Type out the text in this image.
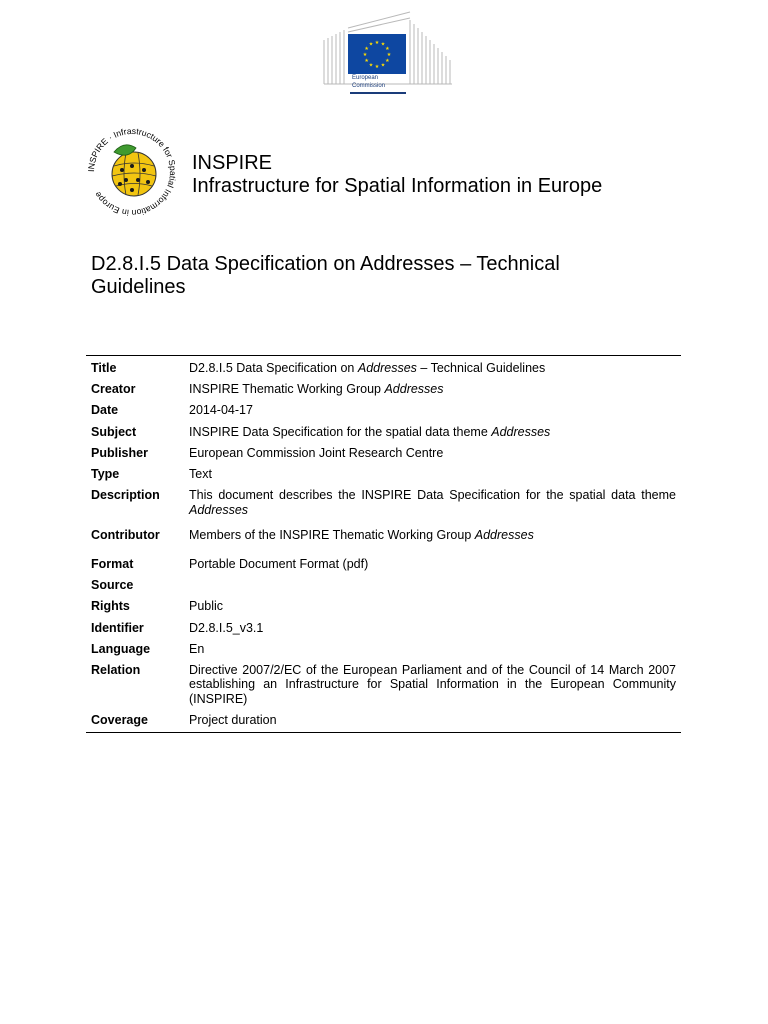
★ ★
★
★
★
★
★
★
★
★
★
★
European
Commission
INSPIRE · Infrastructure for Spatial Information in Europe
INSPIRE
Infrastructure for Spatial Information in Europe
D2.8.I.5 Data Specification on Addresses – Technical
Guidelines
Title	D2.8.I.5 Data Specification on Addresses – Technical Guidelines
Creator	INSPIRE Thematic Working Group Addresses
Date	2014-04-17
Subject	INSPIRE Data Specification for the spatial data theme Addresses
Publisher	European Commission Joint Research Centre
Type	Text
Description	This document describes the INSPIRE Data Specification for the spatial data theme Addresses
Contributor	Members of the INSPIRE Thematic Working Group Addresses
Format	Portable Document Format (pdf)
Source
Rights	Public
Identifier	D2.8.I.5_v3.1
Language	En
Relation	Directive 2007/2/EC of the European Parliament and of the Council of 14 March 2007 establishing an Infrastructure for Spatial Information in the European Community (INSPIRE)
Coverage	Project duration
